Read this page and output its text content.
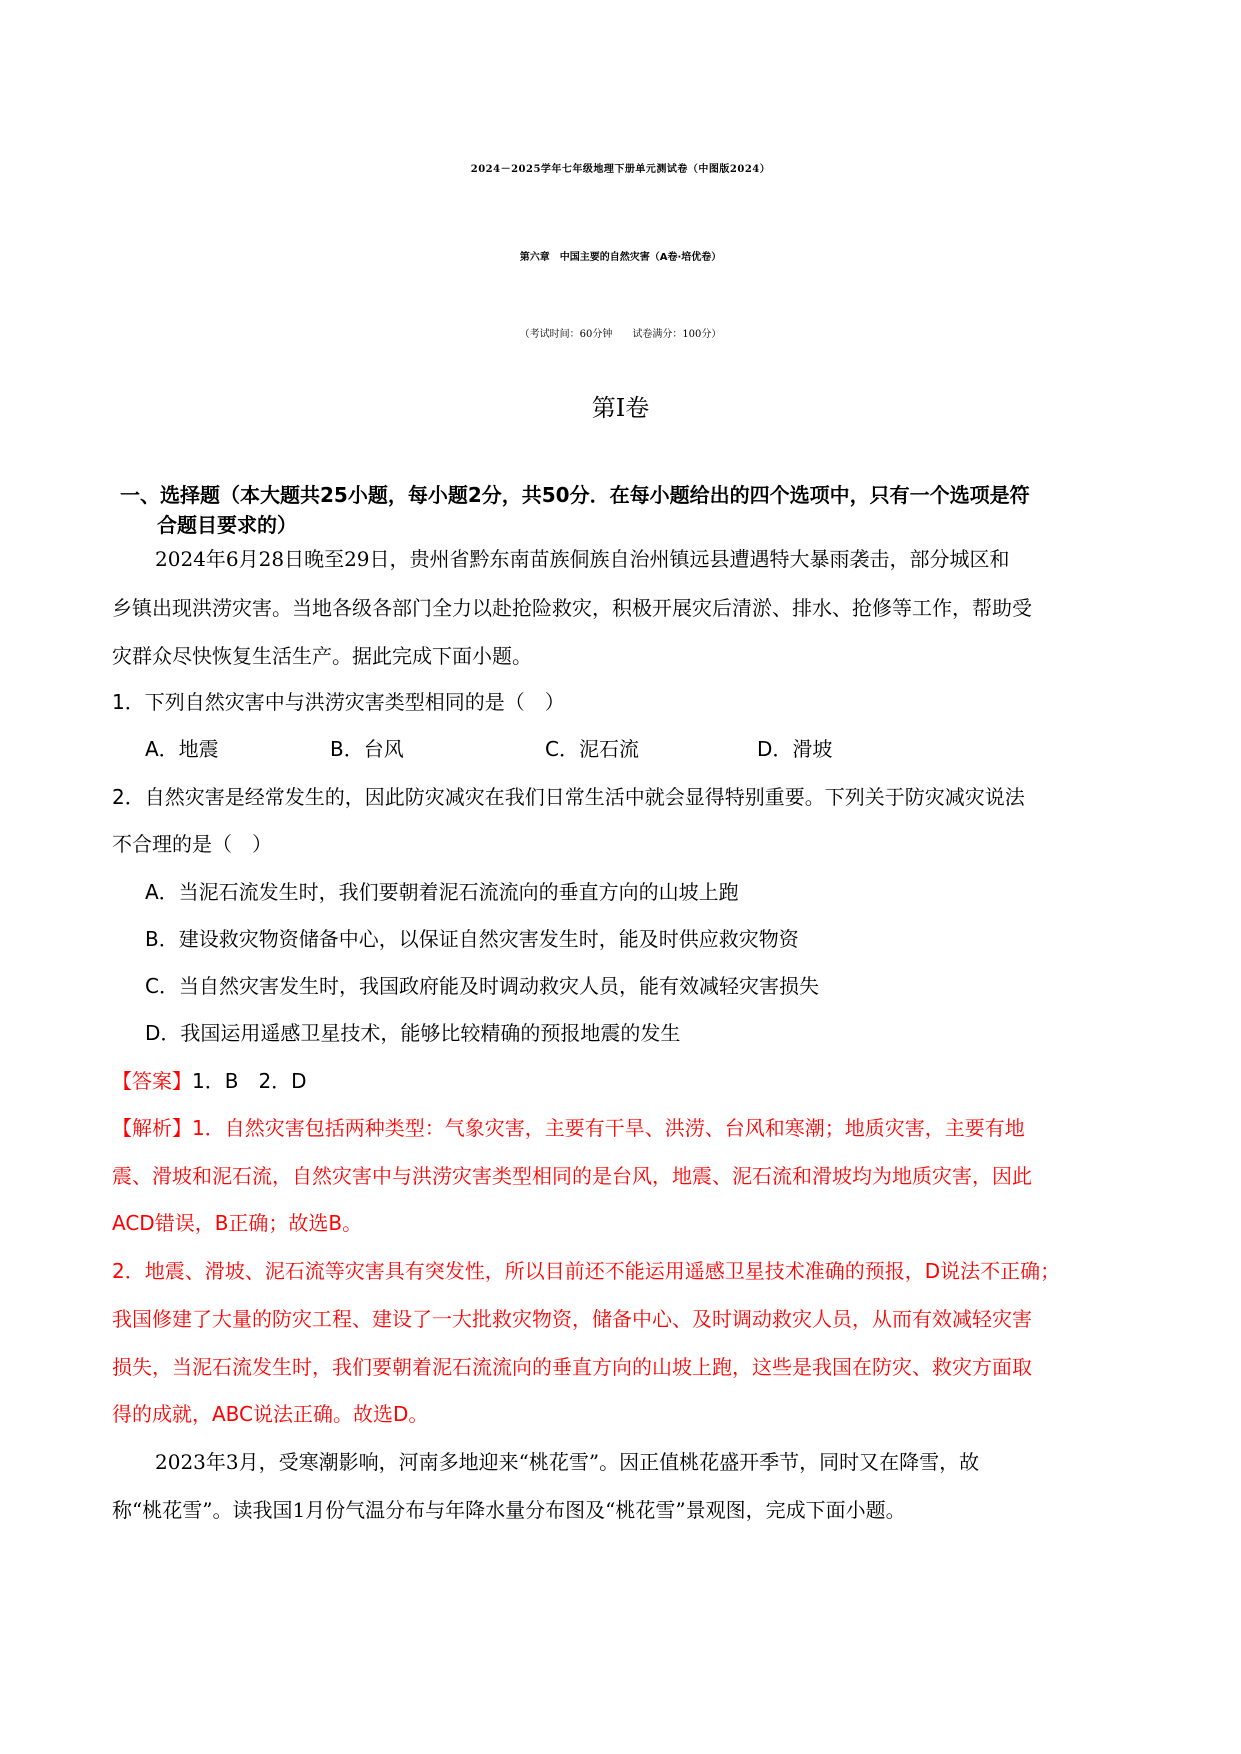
2024－2025学年七年级地理下册单元测试卷（中图版2024）
第六章　中国主要的自然灾害（A卷·培优卷）
（考试时间：60分钟　　试卷满分：100分）
第Ⅰ卷
一、选择题（本大题共25小题，每小题2分，共50分．在每小题给出的四个选项中，只有一个选项是符
合题目要求的）
2024年6月28日晚至29日，贵州省黔东南苗族侗族自治州镇远县遭遇特大暴雨袭击，部分城区和
乡镇出现洪涝灾害。当地各级各部门全力以赴抢险救灾，积极开展灾后清淤、排水、抢修等工作，帮助受
灾群众尽快恢复生活生产。据此完成下面小题。
1．下列自然灾害中与洪涝灾害类型相同的是（　）
A．地震	B．台风	C．泥石流	D．滑坡
2．自然灾害是经常发生的，因此防灾减灾在我们日常生活中就会显得特别重要。下列关于防灾减灾说法
不合理的是（　）
A．当泥石流发生时，我们要朝着泥石流流向的垂直方向的山坡上跑
B．建设救灾物资储备中心，以保证自然灾害发生时，能及时供应救灾物资
C．当自然灾害发生时，我国政府能及时调动救灾人员，能有效减轻灾害损失
D．我国运用遥感卫星技术，能够比较精确的预报地震的发生
【答案】1．B　2．D
【解析】1．自然灾害包括两种类型：气象灾害，主要有干旱、洪涝、台风和寒潮；地质灾害，主要有地
震、滑坡和泥石流，自然灾害中与洪涝灾害类型相同的是台风，地震、泥石流和滑坡均为地质灾害，因此
ACD错误，B正确；故选B。
2．地震、滑坡、泥石流等灾害具有突发性，所以目前还不能运用遥感卫星技术准确的预报，D说法不正确；
我国修建了大量的防灾工程、建设了一大批救灾物资，储备中心、及时调动救灾人员，从而有效减轻灾害
损失，当泥石流发生时，我们要朝着泥石流流向的垂直方向的山坡上跑，这些是我国在防灾、救灾方面取
得的成就，ABC说法正确。故选D。
2023年3月，受寒潮影响，河南多地迎来“桃花雪”。因正值桃花盛开季节，同时又在降雪，故
称“桃花雪”。读我国1月份气温分布与年降水量分布图及“桃花雪”景观图，完成下面小题。
